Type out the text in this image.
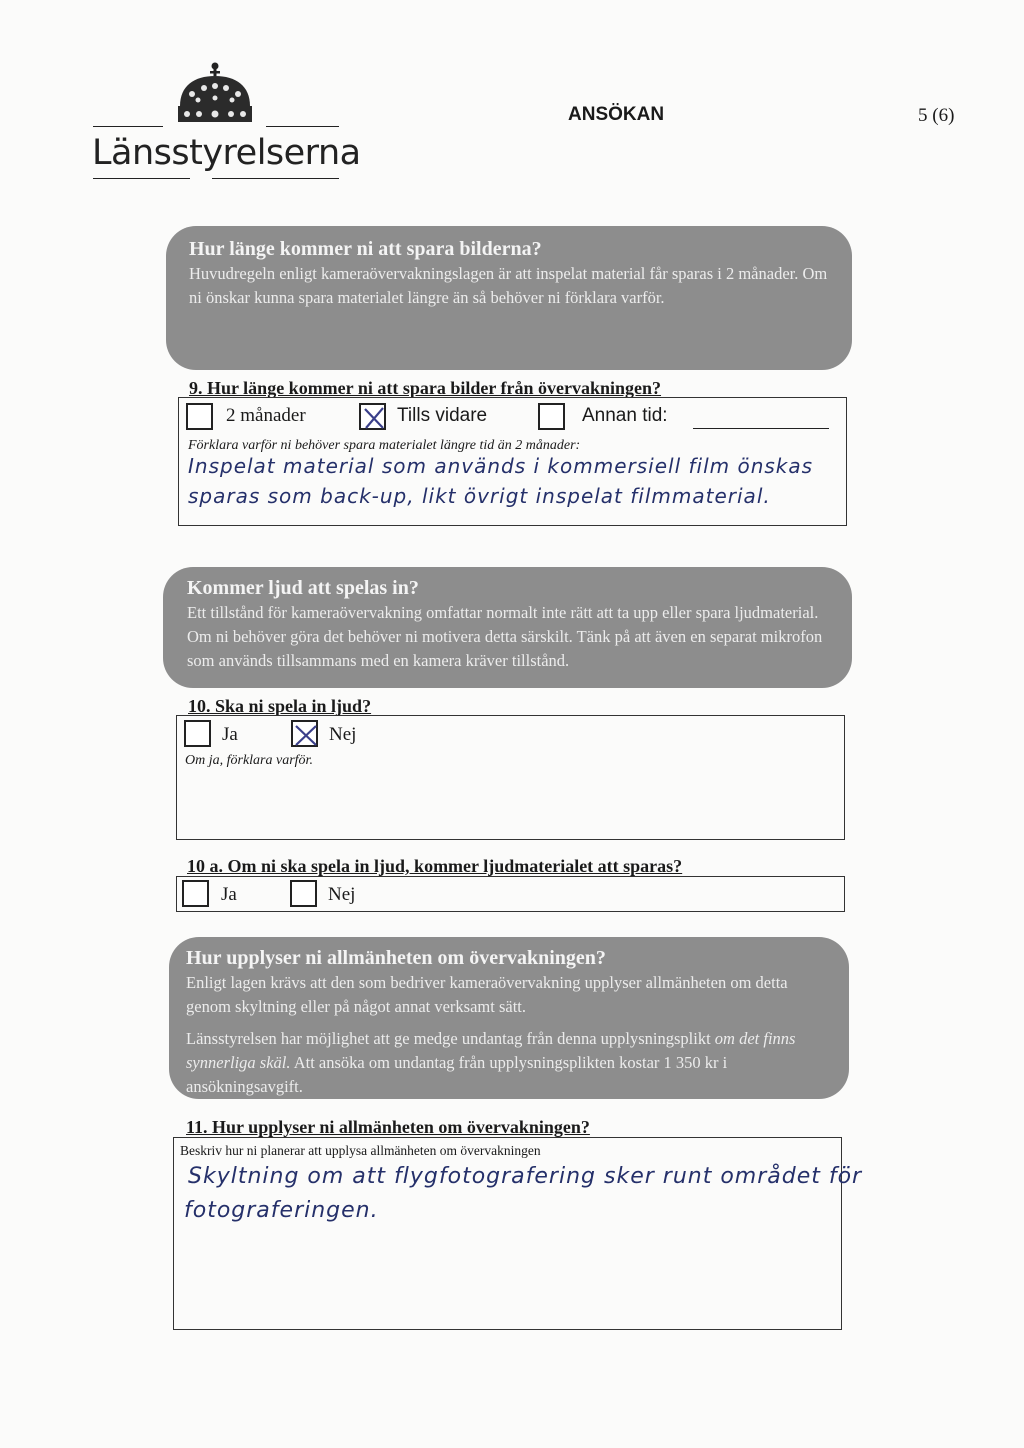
Länsstyrelserna
ANSÖKAN	5 (6)
Hur länge kommer ni att spara bilderna?
Huvudregeln enligt kameraövervakningslagen är att inspelat material får sparas i 2 månader. Om ni önskar kunna spara materialet längre än så behöver ni förklara varför.
9. Hur länge kommer ni att spara bilder från övervakningen?
2 månader	Tills vidare	Annan tid:
Förklara varför ni behöver spara materialet längre tid än 2 månader:
Inspelat material som används i kommersiell film önskas
sparas som back-up, likt övrigt inspelat filmmaterial.
Kommer ljud att spelas in?
Ett tillstånd för kameraövervakning omfattar normalt inte rätt att ta upp eller spara ljudmaterial. Om ni behöver göra det behöver ni motivera detta särskilt. Tänk på att även en separat mikrofon som används tillsammans med en kamera kräver tillstånd.
10. Ska ni spela in ljud?
Ja	Nej
Om ja, förklara varför.
10 a. Om ni ska spela in ljud, kommer ljudmaterialet att sparas?
Ja	Nej
Hur upplyser ni allmänheten om övervakningen?
Enligt lagen krävs att den som bedriver kameraövervakning upplyser allmänheten om detta genom skyltning eller på något annat verksamt sätt.
Länsstyrelsen har möjlighet att ge medge undantag från denna upplysningsplikt om det finns synnerliga skäl. Att ansöka om undantag från upplysningsplikten kostar 1 350 kr i ansökningsavgift.
11. Hur upplyser ni allmänheten om övervakningen?
Beskriv hur ni planerar att upplysa allmänheten om övervakningen
Skyltning om att flygfotografering sker runt området för
fotograferingen.
